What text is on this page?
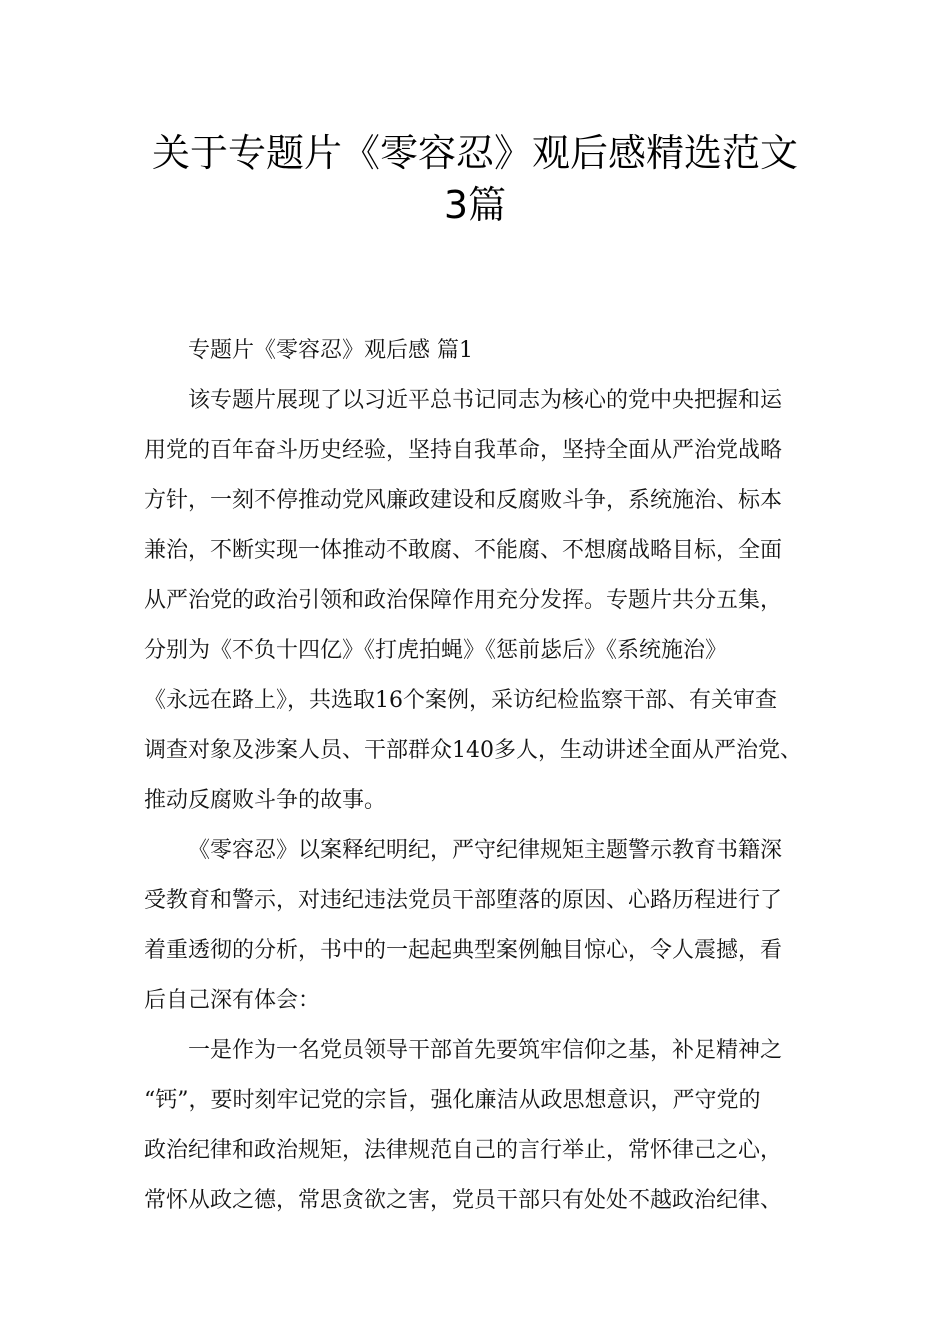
关于专题片《零容忍》观后感精选范文
3篇
专题片《零容忍》观后感 篇1
该专题片展现了以习近平总书记同志为核心的党中央把握和运
用党的百年奋斗历史经验，坚持自我革命，坚持全面从严治党战略
方针，一刻不停推动党风廉政建设和反腐败斗争，系统施治、标本
兼治，不断实现一体推动不敢腐、不能腐、不想腐战略目标，全面
从严治党的政治引领和政治保障作用充分发挥。专题片共分五集，
分别为《不负十四亿》《打虎拍蝇》《惩前毖后》《系统施治》
《永远在路上》，共选取16个案例，采访纪检监察干部、有关审查
调查对象及涉案人员、干部群众140多人，生动讲述全面从严治党、
推动反腐败斗争的故事。
《零容忍》以案释纪明纪，严守纪律规矩主题警示教育书籍深
受教育和警示，对违纪违法党员干部堕落的原因、心路历程进行了
着重透彻的分析，书中的一起起典型案例触目惊心，令人震撼，看
后自己深有体会：
一是作为一名党员领导干部首先要筑牢信仰之基，补足精神之
“钙”，要时刻牢记党的宗旨，强化廉洁从政思想意识，严守党的
政治纪律和政治规矩，法律规范自己的言行举止，常怀律己之心，
常怀从政之德，常思贪欲之害，党员干部只有处处不越政治纪律、
